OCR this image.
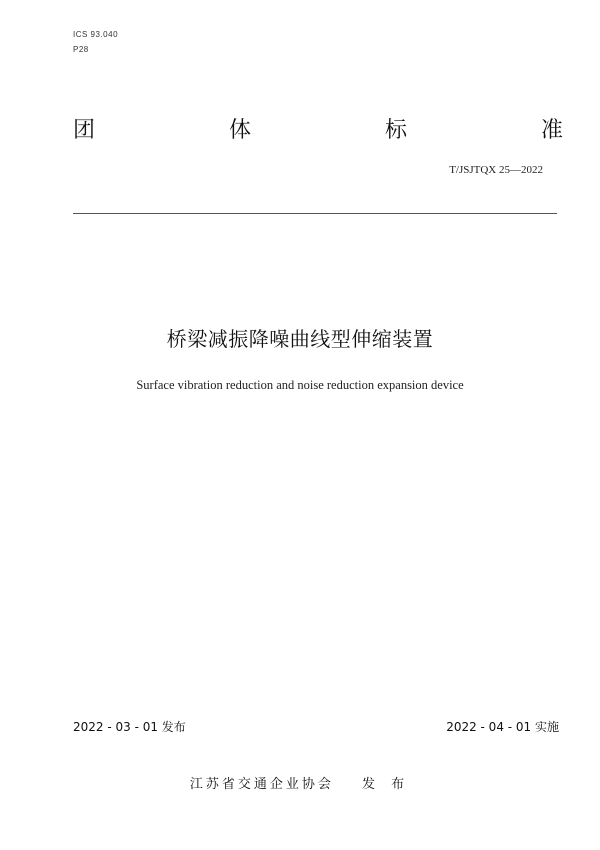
ICS 93.040
P28
团	体	标	准
T/JSJTQX 25—2022
桥梁减振降噪曲线型伸缩装置
Surface vibration reduction and noise reduction expansion device
2022 - 03 - 01 发布	2022 - 04 - 01 实施
江苏省交通企业协会 发 布
